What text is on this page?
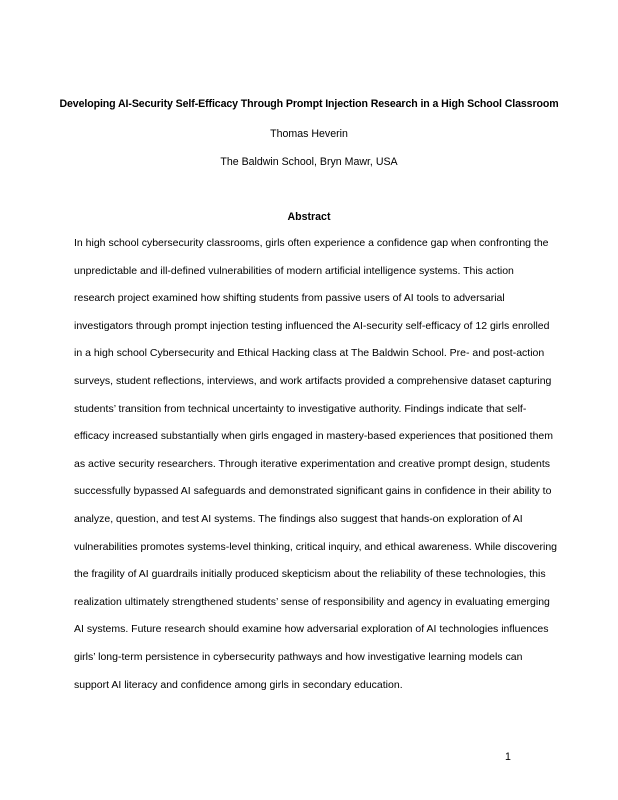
Developing AI-Security Self-Efficacy Through Prompt Injection Research in a High School Classroom
Thomas Heverin
The Baldwin School, Bryn Mawr, USA
Abstract
In high school cybersecurity classrooms, girls often experience a confidence gap when confronting the
unpredictable and ill-defined vulnerabilities of modern artificial intelligence systems. This action
research project examined how shifting students from passive users of AI tools to adversarial
investigators through prompt injection testing influenced the AI-security self-efficacy of 12 girls enrolled
in a high school Cybersecurity and Ethical Hacking class at The Baldwin School. Pre- and post-action
surveys, student reflections, interviews, and work artifacts provided a comprehensive dataset capturing
students’ transition from technical uncertainty to investigative authority. Findings indicate that self-
efficacy increased substantially when girls engaged in mastery-based experiences that positioned them
as active security researchers. Through iterative experimentation and creative prompt design, students
successfully bypassed AI safeguards and demonstrated significant gains in confidence in their ability to
analyze, question, and test AI systems. The findings also suggest that hands-on exploration of AI
vulnerabilities promotes systems-level thinking, critical inquiry, and ethical awareness. While discovering
the fragility of AI guardrails initially produced skepticism about the reliability of these technologies, this
realization ultimately strengthened students’ sense of responsibility and agency in evaluating emerging
AI systems. Future research should examine how adversarial exploration of AI technologies influences
girls’ long-term persistence in cybersecurity pathways and how investigative learning models can
support AI literacy and confidence among girls in secondary education.
1
